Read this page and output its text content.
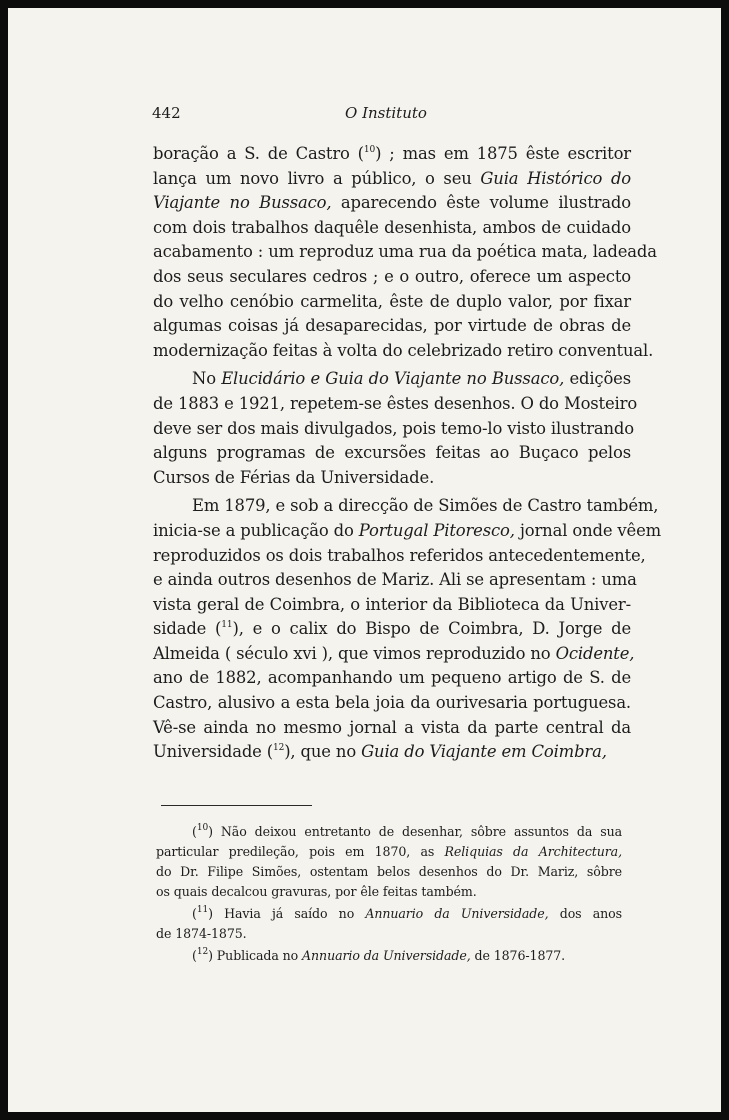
442	O Instituto

boração a S. de Castro ($^{10}$) ; mas em 1875 êste escritor
lança um novo livro a público, o seu Guia Histórico do
Viajante no Bussaco, aparecendo êste volume ilustrado
com dois trabalhos daquêle desenhista, ambos de cuidado
acabamento : um reproduz uma rua da poética mata, ladeada
dos seus seculares cedros ; e o outro, oferece um aspecto
do velho cenóbio carmelita, êste de duplo valor, por fixar
algumas coisas já desaparecidas, por virtude de obras de
modernização feitas à volta do celebrizado retiro conventual.

No Elucidário e Guia do Viajante no Bussaco, edições
de 1883 e 1921, repetem-se êstes desenhos. O do Mosteiro
deve ser dos mais divulgados, pois temo-lo visto ilustrando
alguns programas de excursões feitas ao Buçaco pelos
Cursos de Férias da Universidade.

Em 1879, e sob a direcção de Simões de Castro também,
inicia-se a publicação do Portugal Pitoresco, jornal onde vêem
reproduzidos os dois trabalhos referidos antecedentemente,
e ainda outros desenhos de Mariz. Ali se apresentam : uma
vista geral de Coimbra, o interior da Biblioteca da Univer-
sidade ($^{11}$), e o calix do Bispo de Coimbra, D. Jorge de
Almeida ( século xvi ), que vimos reproduzido no Ocidente,
ano de 1882, acompanhando um pequeno artigo de S. de
Castro, alusivo a esta bela joia da ourivesaria portuguesa.
Vê-se ainda no mesmo jornal a vista da parte central da
Universidade ($^{12}$), que no Guia do Viajante em Coimbra,

($^{10}$) Não deixou entretanto de desenhar, sôbre assuntos da sua
particular predileção, pois em 1870, as Reliquias da Architectura,
do Dr. Filipe Simões, ostentam belos desenhos do Dr. Mariz, sôbre
os quais decalcou gravuras, por êle feitas também.

($^{11}$) Havia já saído no Annuario da Universidade, dos anos
de 1874-1875.

($^{12}$) Publicada no Annuario da Universidade, de 1876-1877.
